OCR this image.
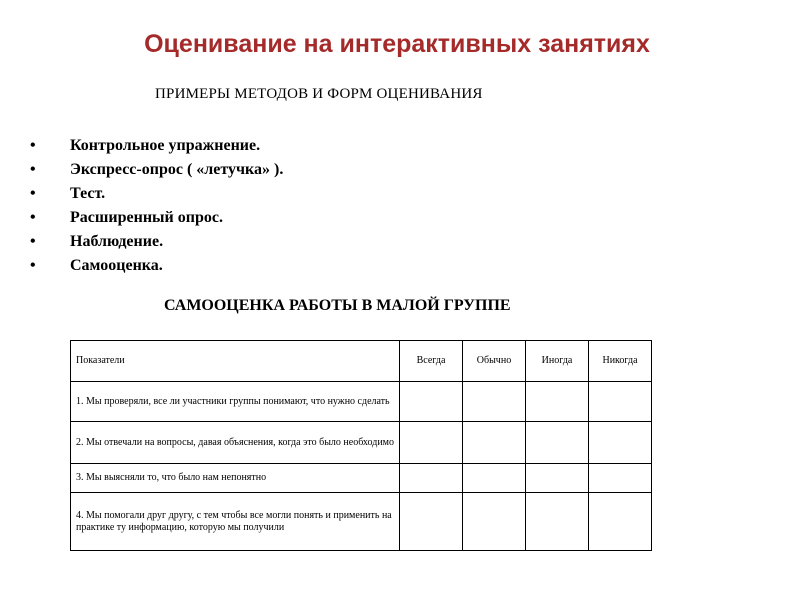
Оценивание на интерактивных занятиях
ПРИМЕРЫ МЕТОДОВ И ФОРМ ОЦЕНИВАНИЯ
•	Контрольное упражнение.
•	Экспресс-опрос ( «летучка» ).
•	Тест.
•	Расширенный опрос.
•	Наблюдение.
•	Самооценка.
САМООЦЕНКА РАБОТЫ В МАЛОЙ ГРУППЕ
Показатели	Всегда	Обычно	Иногда	Никогда
1. Мы проверяли, все ли участники группы понимают, что нужно сделать				
2. Мы отвечали на вопросы, давая объяснения, когда это было необходимо				
3. Мы выясняли то, что было нам непонятно				
4. Мы помогали друг другу, с тем чтобы все могли понять и применить на практике ту информацию, которую мы получили				
